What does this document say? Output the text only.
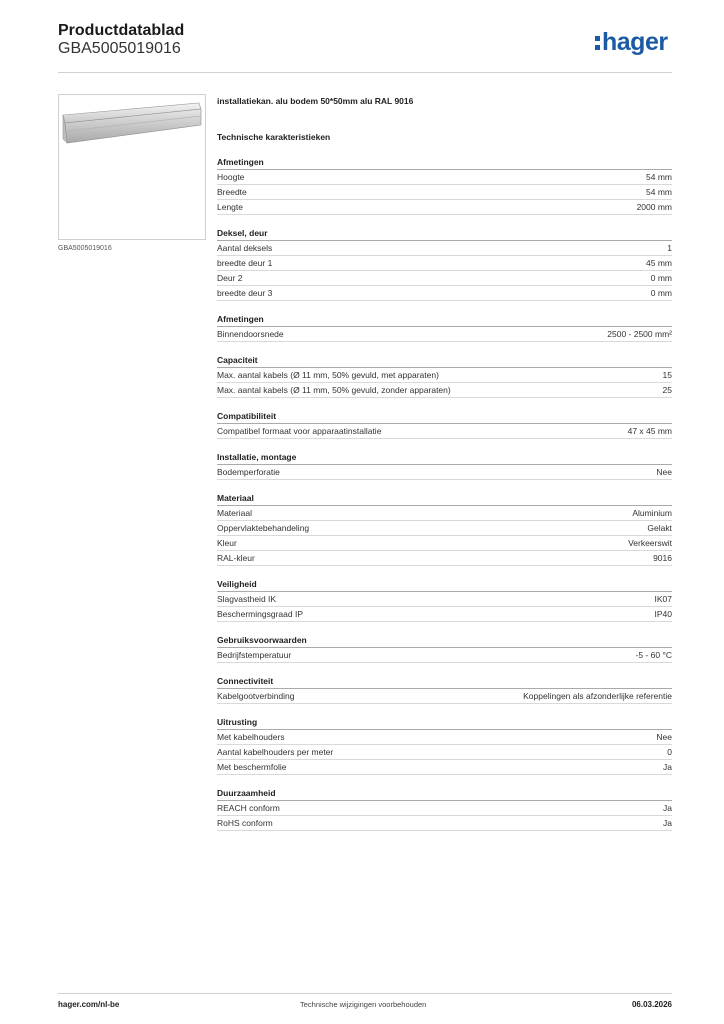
Productdatablad
GBA5005019016	hager
GBA5005019016
installatiekan. alu bodem 50*50mm alu RAL 9016
Technische karakteristieken
Afmetingen
Hoogte	54 mm
Breedte	54 mm
Lengte	2000 mm
Deksel, deur
Aantal deksels	1
breedte deur 1	45 mm
Deur 2	0 mm
breedte deur 3	0 mm
Afmetingen
Binnendoorsnede	2500 - 2500 mm²
Capaciteit
Max. aantal kabels (Ø 11 mm, 50% gevuld, met apparaten)	15
Max. aantal kabels (Ø 11 mm, 50% gevuld, zonder apparaten)	25
Compatibiliteit
Compatibel formaat voor apparaatinstallatie	47 x 45 mm
Installatie, montage
Bodemperforatie	Nee
Materiaal
Materiaal	Aluminium
Oppervlaktebehandeling	Gelakt
Kleur	Verkeerswit
RAL-kleur	9016
Veiligheid
Slagvastheid IK	IK07
Beschermingsgraad IP	IP40
Gebruiksvoorwaarden
Bedrijfstemperatuur	-5 - 60 °C
Connectiviteit
Kabelgootverbinding	Koppelingen als afzonderlijke referentie
Uitrusting
Met kabelhouders	Nee
Aantal kabelhouders per meter	0
Met beschermfolie	Ja
Duurzaamheid
REACH conform	Ja
RoHS conform	Ja
hager.com/nl-be	Technische wijzigingen voorbehouden	06.03.2026
